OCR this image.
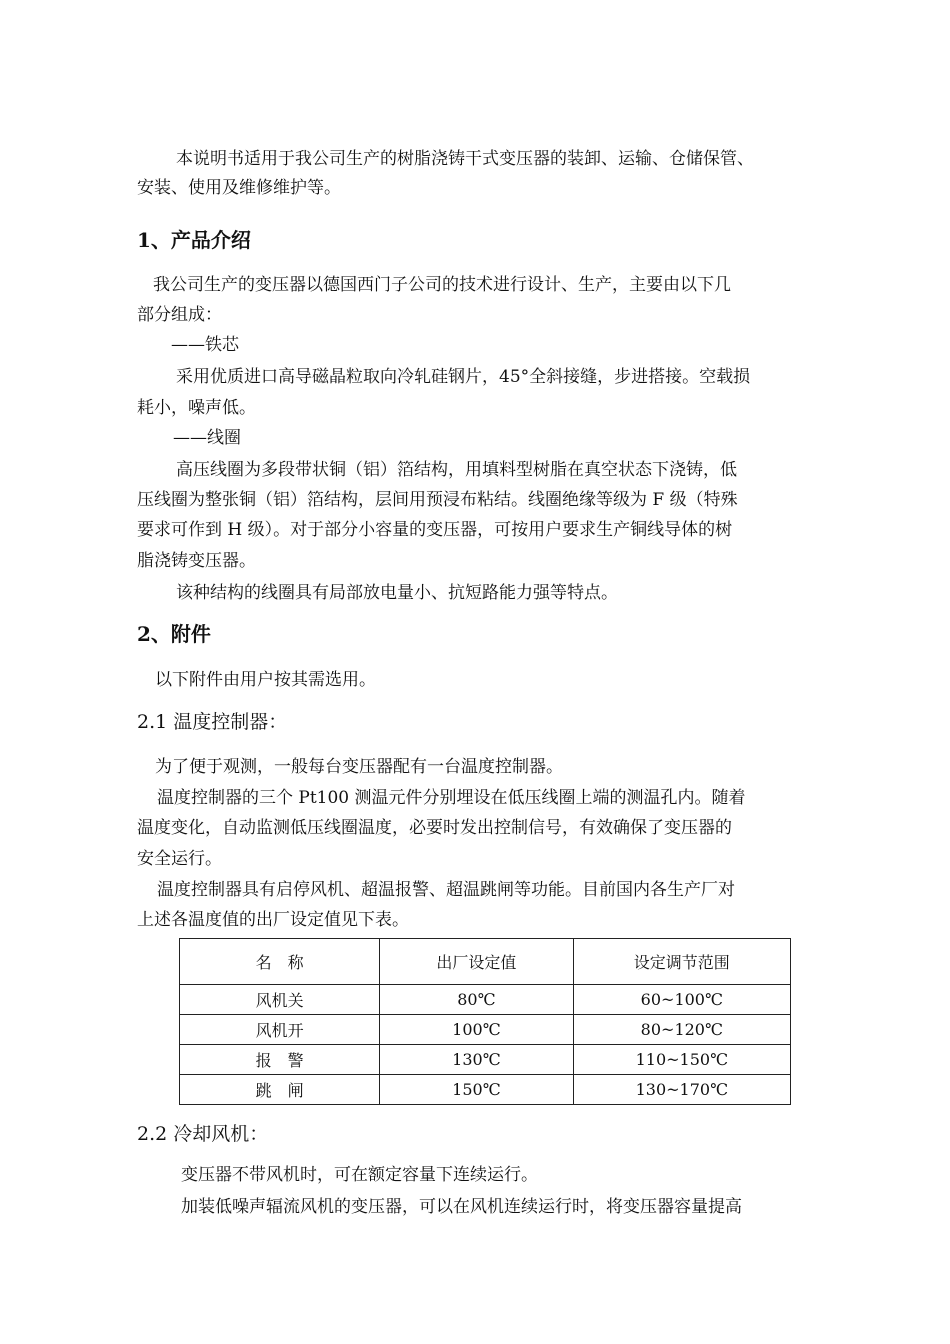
本说明书适用于我公司生产的树脂浇铸干式变压器的装卸、运输、仓储保管、
安装、使用及维修维护等。
1、产品介绍
我公司生产的变压器以德国西门子公司的技术进行设计、生产，主要由以下几
部分组成：
——铁芯
采用优质进口高导磁晶粒取向冷轧硅钢片，45°全斜接缝，步进搭接。空载损
耗小，噪声低。
——线圈
高压线圈为多段带状铜（铝）箔结构，用填料型树脂在真空状态下浇铸，低
压线圈为整张铜（铝）箔结构，层间用预浸布粘结。线圈绝缘等级为 F 级（特殊
要求可作到 H 级）。对于部分小容量的变压器，可按用户要求生产铜线导体的树
脂浇铸变压器。
该种结构的线圈具有局部放电量小、抗短路能力强等特点。
2、附件
以下附件由用户按其需选用。
2.1 温度控制器：
为了便于观测，一般每台变压器配有一台温度控制器。
温度控制器的三个 Pt100 测温元件分别埋设在低压线圈上端的测温孔内。随着
温度变化，自动监测低压线圈温度，必要时发出控制信号，有效确保了变压器的
安全运行。
温度控制器具有启停风机、超温报警、超温跳闸等功能。目前国内各生产厂对
上述各温度值的出厂设定值见下表。
名　称	出厂设定值	设定调节范围
风机关	80℃	60~100℃
风机开	100℃	80~120℃
报　警	130℃	110~150℃
跳　闸	150℃	130~170℃
2.2 冷却风机：
变压器不带风机时，可在额定容量下连续运行。
加装低噪声辐流风机的变压器，可以在风机连续运行时，将变压器容量提高
